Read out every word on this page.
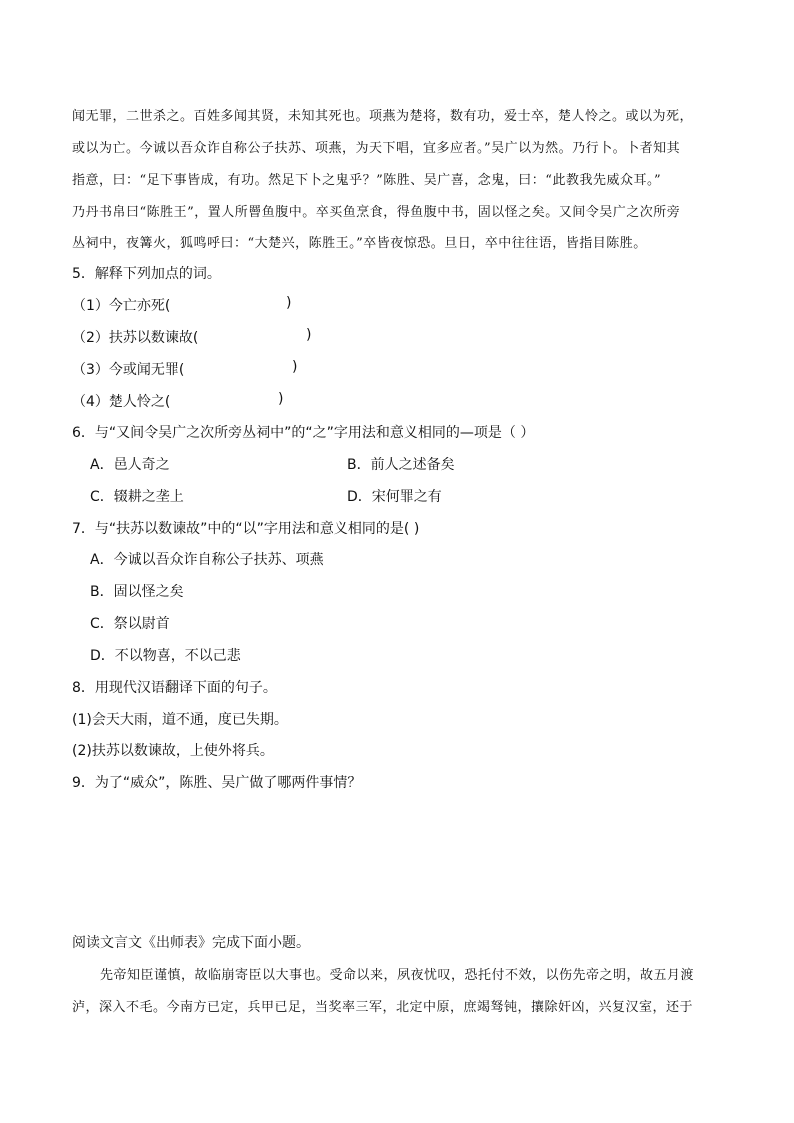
闻无罪，二世杀之。百姓多闻其贤，未知其死也。项燕为楚将，数有功，爱士卒，楚人怜之。或以为死，
或以为亡。今诚以吾众诈自称公子扶苏、项燕，为天下唱，宜多应者。”吴广以为然。乃行卜。卜者知其
指意，曰：“足下事皆成，有功。然足下卜之鬼乎？”陈胜、吴广喜，念鬼，曰：“此教我先威众耳。”
乃丹书帛曰“陈胜王”，置人所罾鱼腹中。卒买鱼烹食，得鱼腹中书，固以怪之矣。又间令吴广之次所旁
丛祠中，夜篝火，狐鸣呼曰：“大楚兴，陈胜王。”卒皆夜惊恐。旦日，卒中往往语，皆指目陈胜。
5．解释下列加点的词。
（1）今亡亦死(	)
（2）扶苏以数谏故(	)
（3）今或闻无罪(	)
（4）楚人怜之(	)
6．与“又间令吴广之次所旁丛祠中”的“之”字用法和意义相同的—项是（ ）
A．邑人奇之	B．前人之述备矣
C．辍耕之垄上	D．宋何罪之有
7．与“扶苏以数谏故”中的“以”字用法和意义相同的是( )
A．今诚以吾众诈自称公子扶苏、项燕
B．固以怪之矣
C．祭以尉首
D．不以物喜，不以己悲
8．用现代汉语翻译下面的句子。
(1)会天大雨，道不通，度已失期。
(2)扶苏以数谏故，上使外将兵。
9．为了“威众”，陈胜、吴广做了哪两件事情？
阅读文言文《出师表》完成下面小题。
先帝知臣谨慎，故临崩寄臣以大事也。受命以来，夙夜忧叹，恐托付不效，以伤先帝之明，故五月渡
泸，深入不毛。今南方已定，兵甲已足，当奖率三军，北定中原，庶竭驽钝，攘除奸凶，兴复汉室，还于
